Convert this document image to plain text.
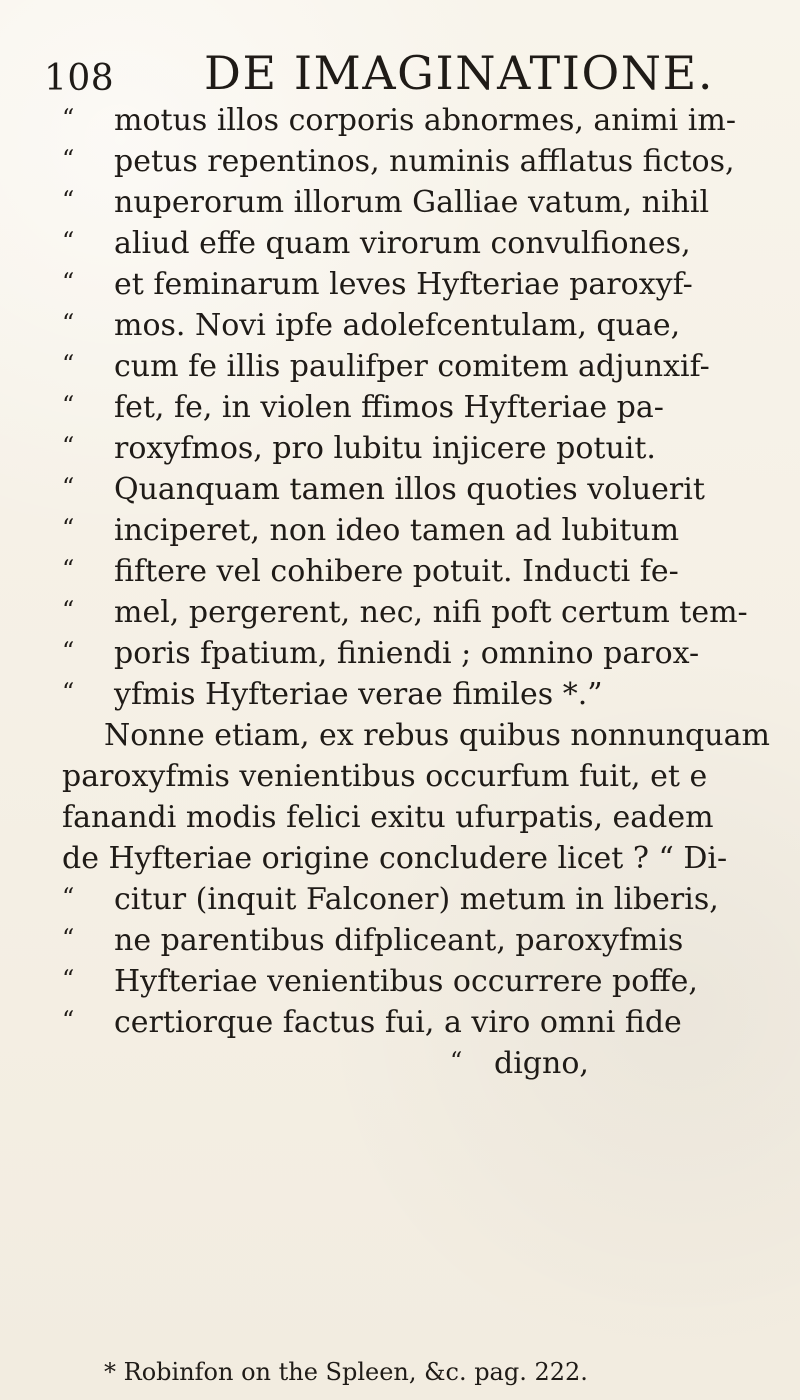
108 DE IMAGINATIONE.
“	motus illos corporis abnormes, animi im-
“	petus repentinos, numinis afflatus fictos,
“	nuperorum illorum Galliae vatum, nihil
“	aliud effe quam virorum convulfiones,
“	et feminarum leves Hyfteriae paroxyf-
“	mos. Novi ipfe adolefcentulam, quae,
“	cum fe illis paulifper comitem adjunxif-
“	fet, fe, in violen ffimos Hyfteriae pa-
“	roxyfmos, pro lubitu injicere potuit.
“	Quanquam tamen illos quoties voluerit
“	inciperet, non ideo tamen ad lubitum
“	fiftere vel cohibere potuit. Inducti fe-
“	mel, pergerent, nec, nifi poft certum tem-
“	poris fpatium, finiendi ; omnino parox-
“	yfmis Hyfteriae verae fimiles *.”
Nonne etiam, ex rebus quibus nonnunquam
paroxyfmis venientibus occurfum fuit, et e
fanandi modis felici exitu ufurpatis, eadem
de Hyfteriae origine concludere licet ? “ Di-
“	citur (inquit Falconer) metum in liberis,
“	ne parentibus difpliceant, paroxyfmis
“	Hyfteriae venientibus occurrere poffe,
“	certiorque factus fui, a viro omni fide
“	digno,
* Robinfon on the Spleen, &c. pag. 222.
